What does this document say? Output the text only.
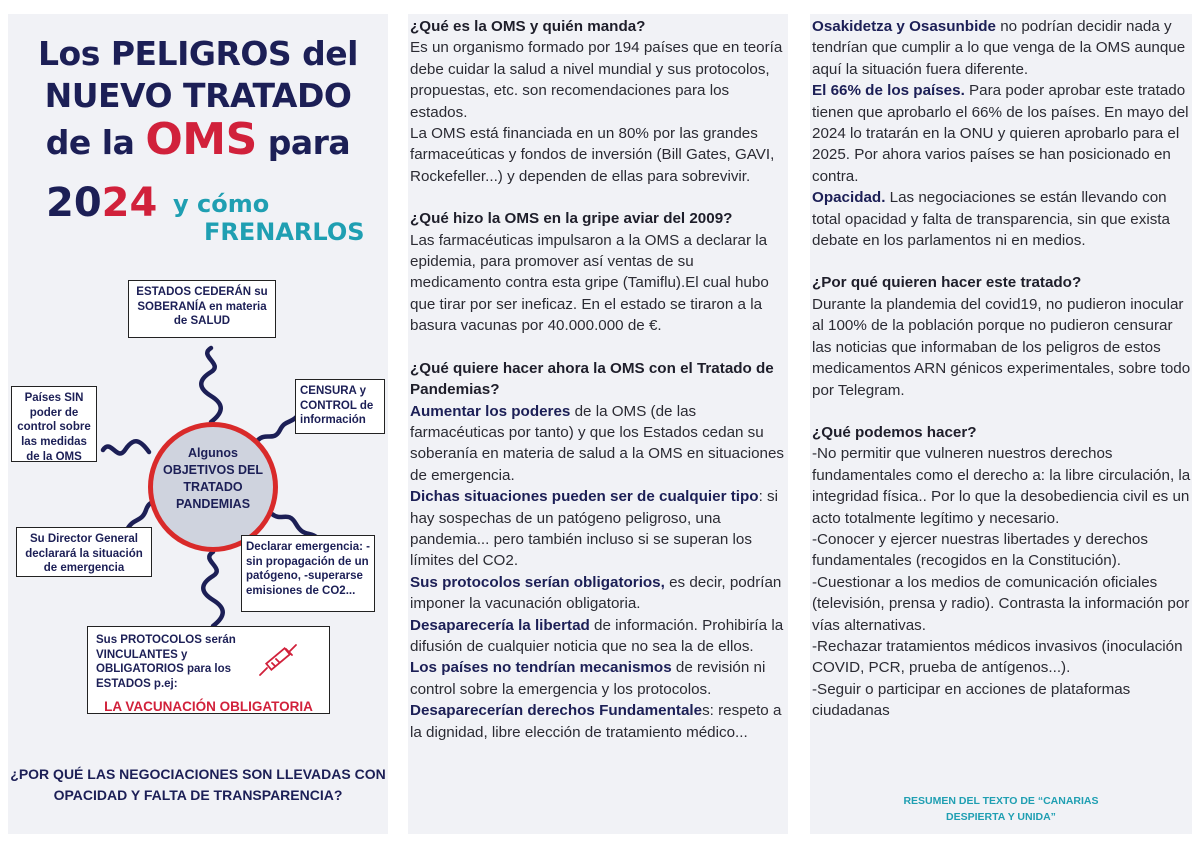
Los PELIGROS del
NUEVO TRATADO
de la OMS para
2024 y cómo
FRENARLOS
Algunos OBJETIVOS DEL TRATADO PANDEMIAS
ESTADOS CEDERÁN su SOBERANÍA en materia de SALUD
CENSURA y CONTROL de información
Países SIN poder de control sobre las medidas de la OMS
Su Director General declarará la situación de emergencia
Declarar emergencia: -sin propagación de un patógeno, -superarse emisiones de CO2...
Sus PROTOCOLOS serán VINCULANTES y OBLIGATORIOS para los ESTADOS p.ej:
LA VACUNACIÓN OBLIGATORIA
¿POR QUÉ LAS NEGOCIACIONES SON LLEVADAS CON OPACIDAD Y FALTA DE TRANSPARENCIA?

¿Qué es la OMS y quién manda?

Es un organismo formado por 194 países que en teoría debe cuidar la salud a nivel mundial y sus protocolos, propuestas, etc. son recomendaciones para los estados.

La OMS está financiada en un 80% por las grandes farmaceúticas y fondos de inversión (Bill Gates, GAVI, Rockefeller...) y dependen de ellas para sobrevivir.

¿Qué hizo la OMS en la gripe aviar del 2009?

Las farmacéuticas impulsaron a la OMS a declarar la epidemia, para promover así ventas de su medicamento contra esta gripe (Tamiflu).El cual hubo que tirar por ser ineficaz. En el estado se tiraron a la basura vacunas por 40.000.000 de €.

¿Qué quiere hacer ahora la OMS con el Tratado de Pandemias?

Aumentar los poderes de la OMS (de las farmacéuticas por tanto) y que los Estados cedan su soberanía en materia de salud a la OMS en situaciones de emergencia.

Dichas situaciones pueden ser de cualquier tipo: si hay sospechas de un patógeno peligroso, una pandemia... pero también incluso si se superan los límites del CO2.

Sus protocolos serían obligatorios, es decir, podrían imponer la vacunación obligatoria.

Desaparecería la libertad de información. Prohibiría la difusión de cualquier noticia que no sea la de ellos.

Los países no tendrían mecanismos de revisión ni control sobre la emergencia y los protocolos.

Desaparecerían derechos Fundamentales: respeto a la dignidad, libre elección de tratamiento médico...

Osakidetza y Osasunbide no podrían decidir nada y tendrían que cumplir a lo que venga de la OMS aunque aquí la situación fuera diferente.

El 66% de los países. Para poder aprobar este tratado tienen que aprobarlo el 66% de los países. En mayo del 2024 lo tratarán en la ONU y quieren aprobarlo para el 2025. Por ahora varios países se han posicionado en contra.

Opacidad. Las negociaciones se están llevando con total opacidad y falta de transparencia, sin que exista debate en los parlamentos ni en medios.

¿Por qué quieren hacer este tratado?

Durante la plandemia del covid19, no pudieron inocular al 100% de la población porque no pudieron censurar las noticias que informaban de los peligros de estos medicamentos ARN génicos experimentales, sobre todo por Telegram.

¿Qué podemos hacer?

-No permitir que vulneren nuestros derechos fundamentales como el derecho a: la libre circulación, la integridad física.. Por lo que la desobediencia civil es un acto totalmente legítimo y necesario.

-Conocer y ejercer nuestras libertades y derechos fundamentales (recogidos en la Constitución).

-Cuestionar a los medios de comunicación oficiales (televisión, prensa y radio). Contrasta la información por vías alternativas.

-Rechazar tratamientos médicos invasivos (inoculación COVID, PCR, prueba de antígenos...).

-Seguir o participar en acciones de plataformas ciudadanas

RESUMEN DEL TEXTO DE “CANARIAS
DESPIERTA Y UNIDA”
